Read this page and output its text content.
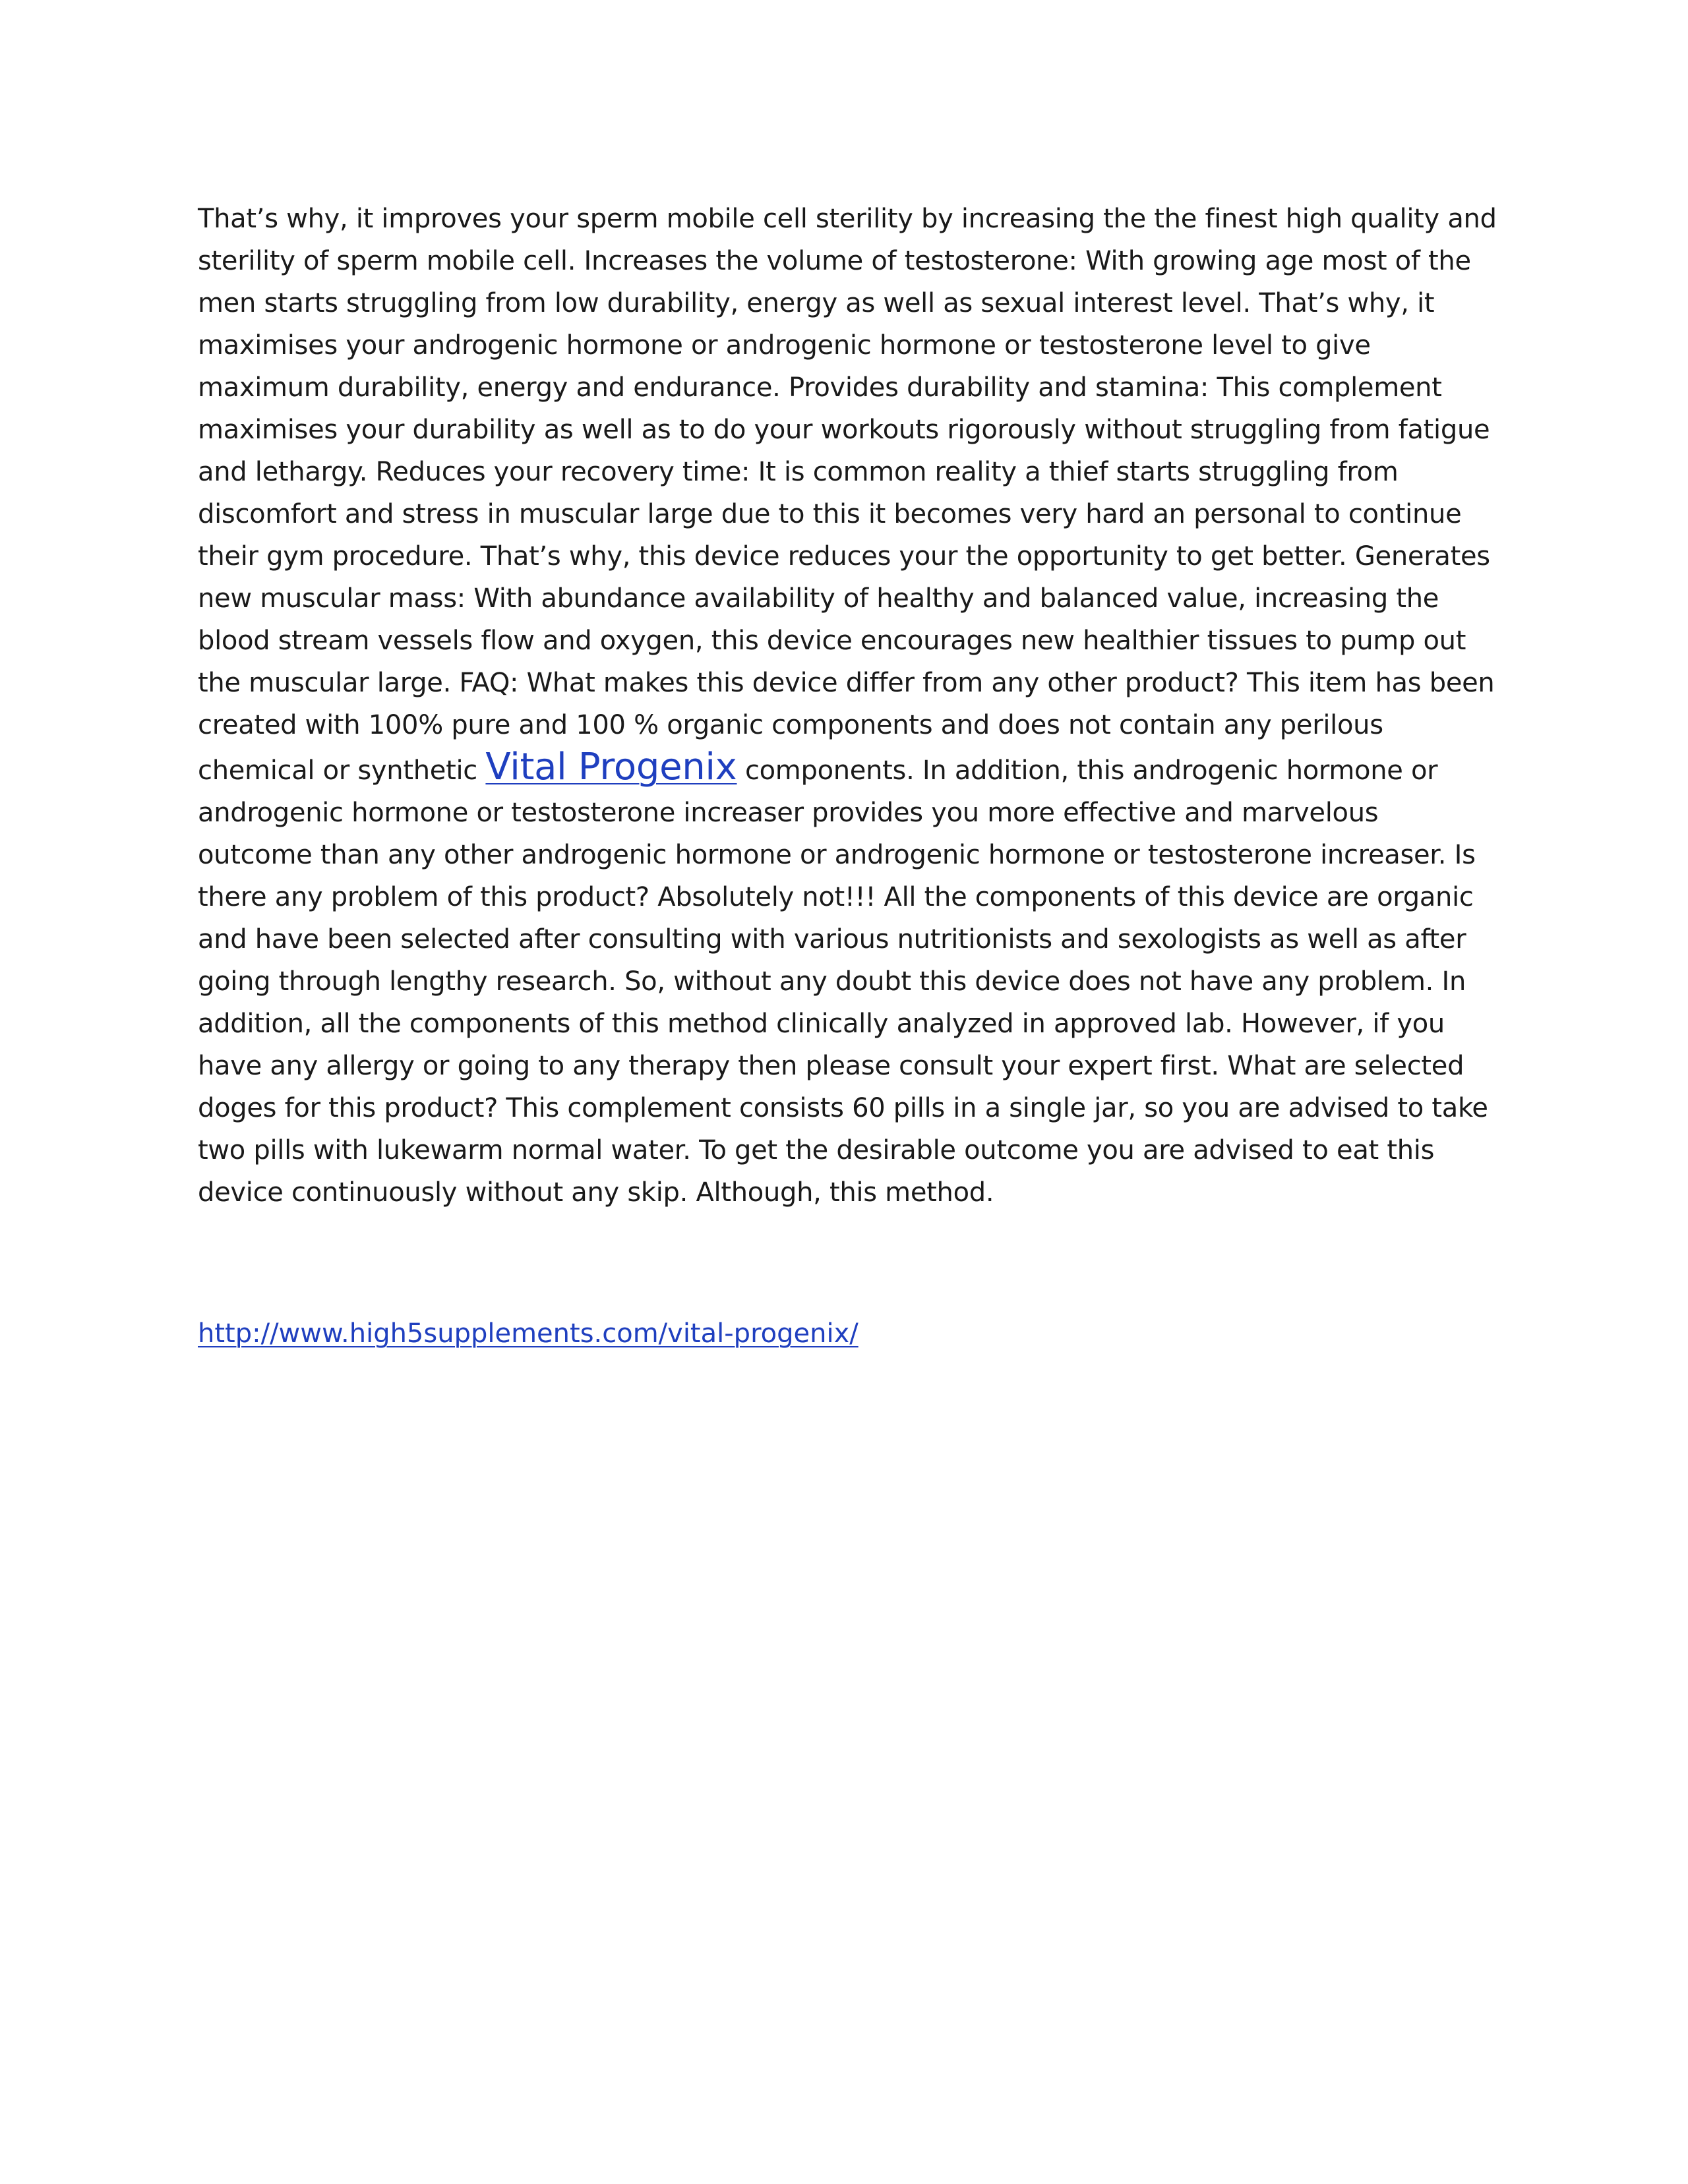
That’s why, it improves your sperm mobile cell sterility by increasing the the finest high quality and sterility of sperm mobile cell. Increases the volume of testosterone: With growing age most of the men starts struggling from low durability, energy as well as sexual interest level. That’s why, it maximises your androgenic hormone or androgenic hormone or testosterone level to give maximum durability, energy and endurance. Provides durability and stamina: This complement maximises your durability as well as to do your workouts rigorously without struggling from fatigue and lethargy. Reduces your recovery time: It is common reality a thief starts struggling from discomfort and stress in muscular large due to this it becomes very hard an personal to continue their gym procedure. That’s why, this device reduces your the opportunity to get better. Generates new muscular mass: With abundance availability of healthy and balanced value, increasing the blood stream vessels flow and oxygen, this device encourages new healthier tissues to pump out the muscular large. FAQ: What makes this device differ from any other product? This item has been created with 100% pure and 100 % organic components and does not contain any perilous chemical or synthetic Vital Progenix components. In addition, this androgenic hormone or androgenic hormone or testosterone increaser provides you more effective and marvelous outcome than any other androgenic hormone or androgenic hormone or testosterone increaser. Is there any problem of this product? Absolutely not!!! All the components of this device are organic and have been selected after consulting with various nutritionists and sexologists as well as after going through lengthy research. So, without any doubt this device does not have any problem. In addition, all the components of this method clinically analyzed in approved lab. However, if you have any allergy or going to any therapy then please consult your expert first. What are selected doges for this product? This complement consists 60 pills in a single jar, so you are advised to take two pills with lukewarm normal water. To get the desirable outcome you are advised to eat this device continuously without any skip. Although, this method.

http://www.high5supplements.com/vital-progenix/
